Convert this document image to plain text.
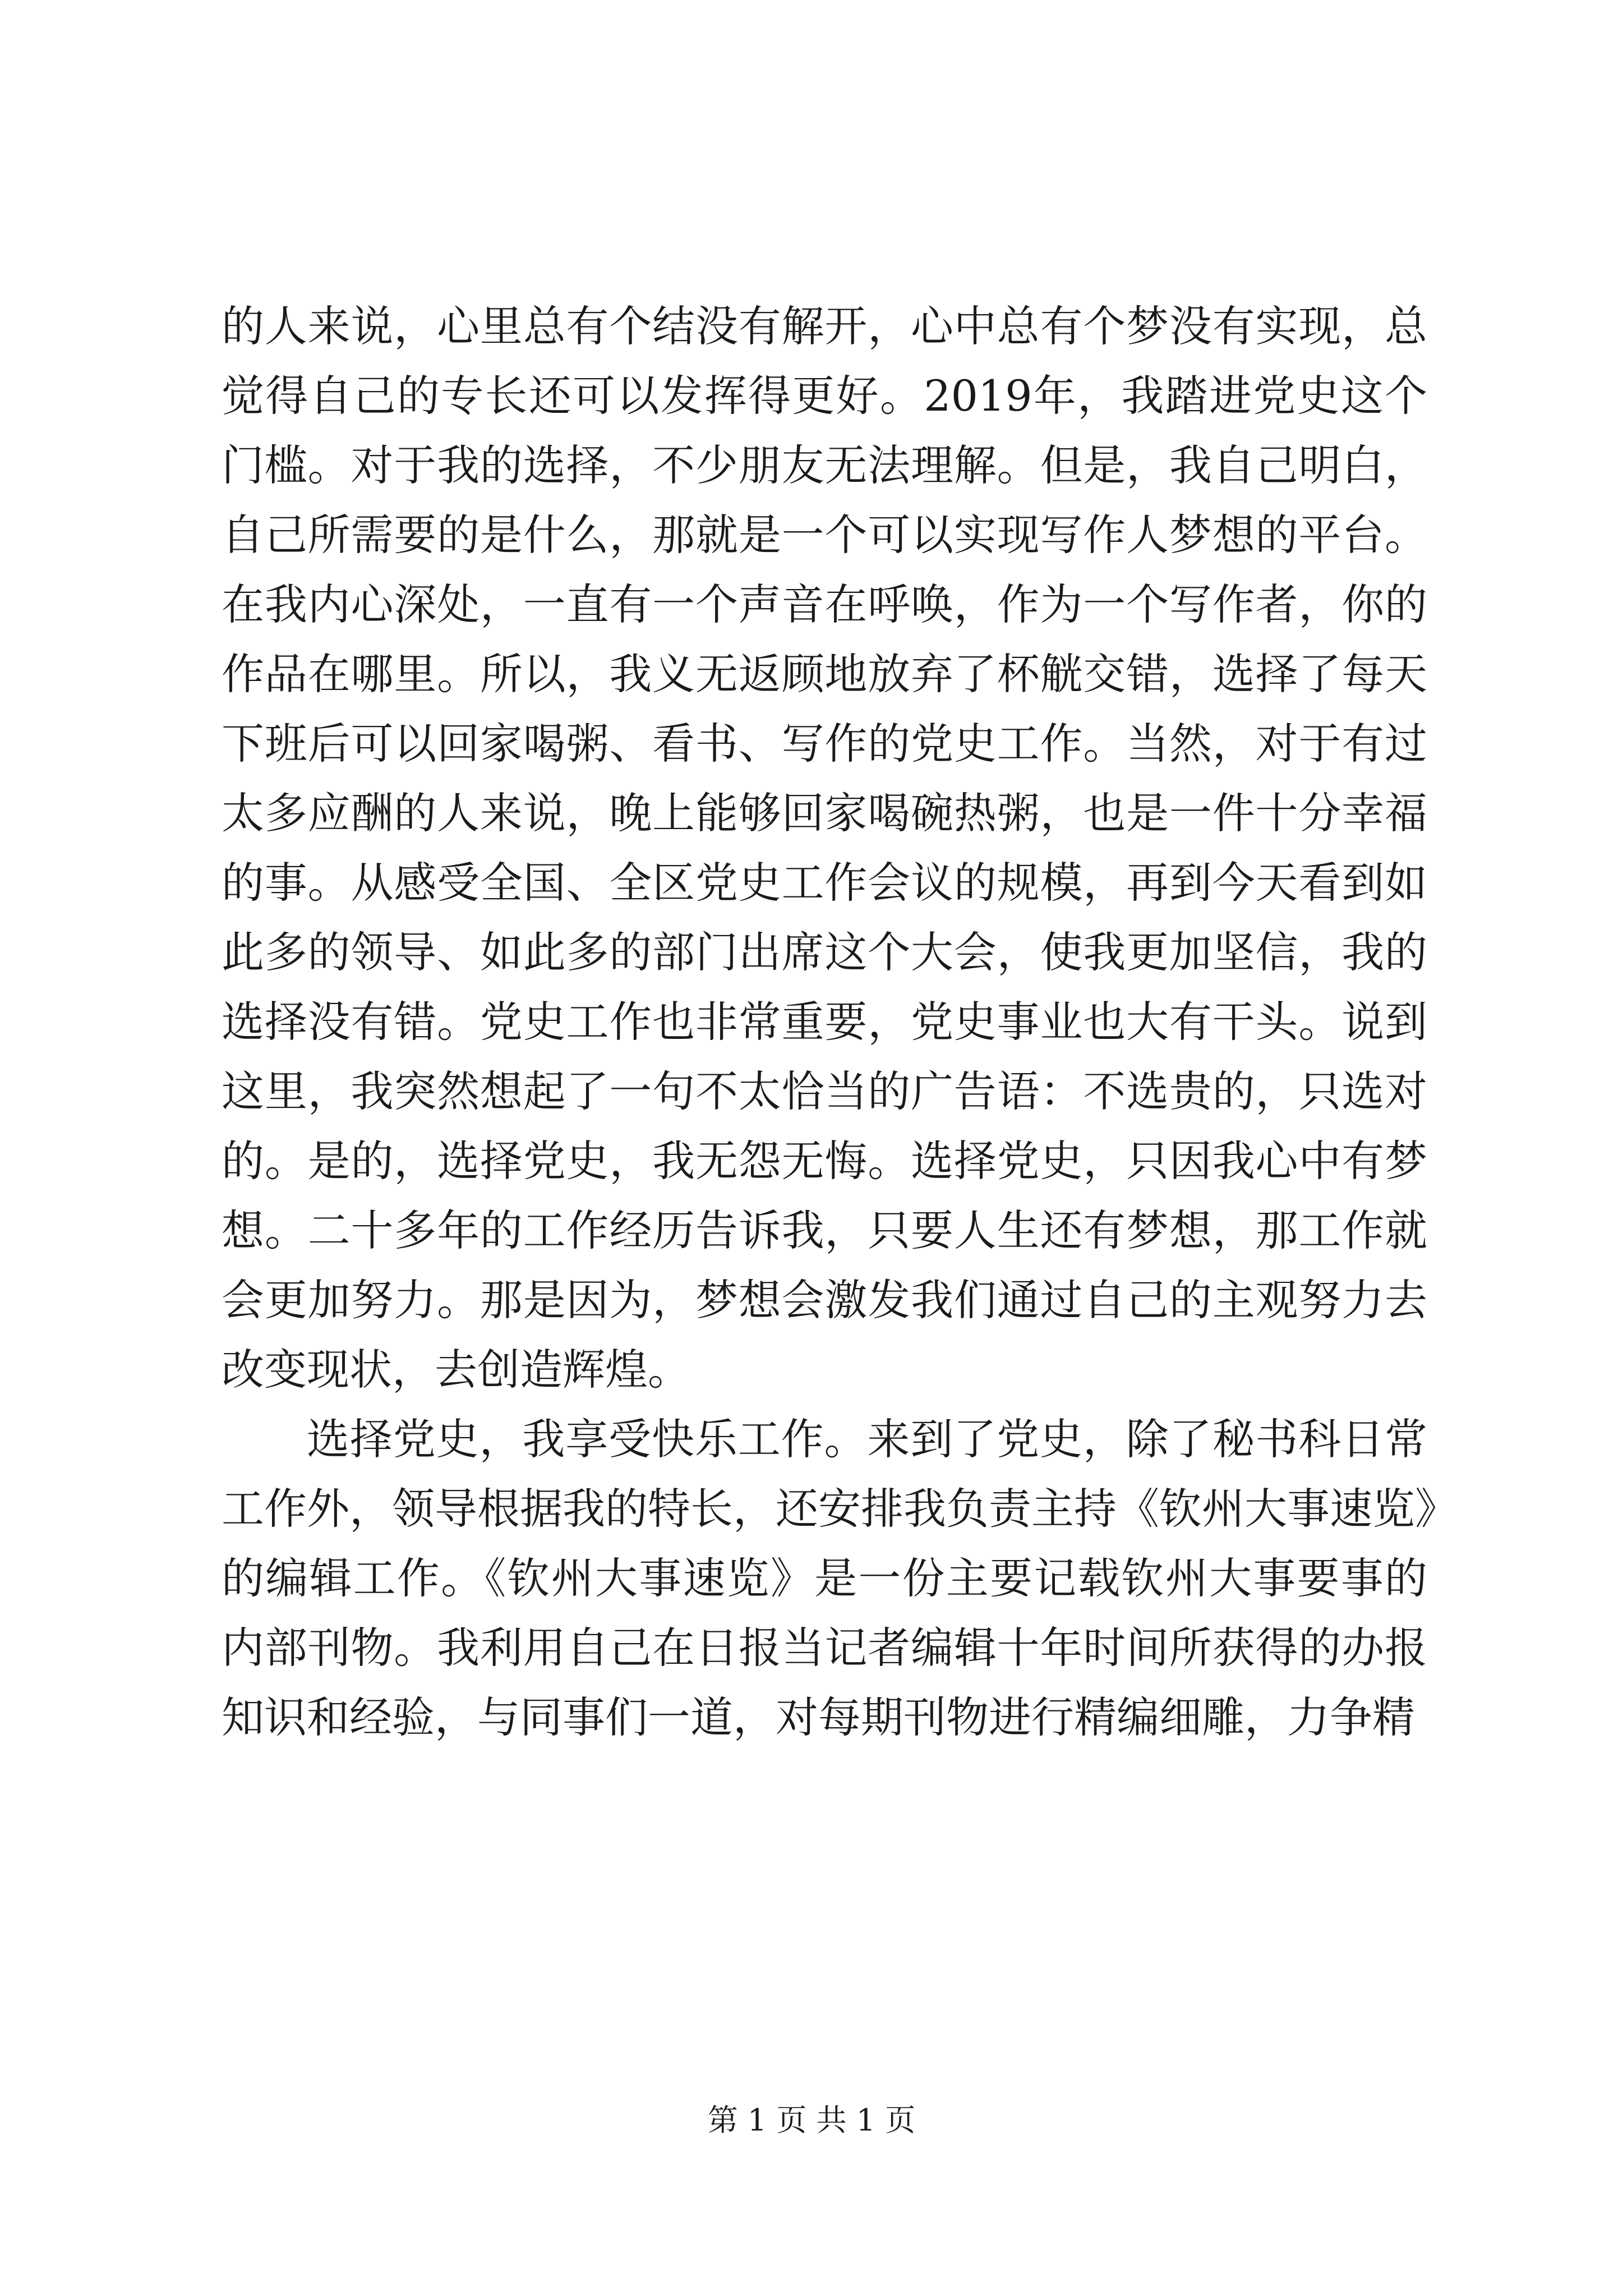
的人来说，心里总有个结没有解开，心中总有个梦没有实现，总
觉得自己的专长还可以发挥得更好。2019年，我踏进党史这个
门槛。对于我的选择，不少朋友无法理解。但是，我自己明白，
自己所需要的是什么，那就是一个可以实现写作人梦想的平台。
在我内心深处，一直有一个声音在呼唤，作为一个写作者，你的
作品在哪里。所以，我义无返顾地放弃了杯觥交错，选择了每天
下班后可以回家喝粥、看书、写作的党史工作。当然，对于有过
太多应酬的人来说，晚上能够回家喝碗热粥，也是一件十分幸福
的事。从感受全国、全区党史工作会议的规模，再到今天看到如
此多的领导、如此多的部门出席这个大会，使我更加坚信，我的
选择没有错。党史工作也非常重要，党史事业也大有干头。说到
这里，我突然想起了一句不太恰当的广告语：不选贵的，只选对
的。是的，选择党史，我无怨无悔。选择党史，只因我心中有梦
想。二十多年的工作经历告诉我，只要人生还有梦想，那工作就
会更加努力。那是因为，梦想会激发我们通过自己的主观努力去
改变现状，去创造辉煌。
选择党史，我享受快乐工作。来到了党史，除了秘书科日常
工作外，领导根据我的特长，还安排我负责主持《钦州大事速览》
的编辑工作。《钦州大事速览》是一份主要记载钦州大事要事的
内部刊物。我利用自己在日报当记者编辑十年时间所获得的办报
知识和经验，与同事们一道，对每期刊物进行精编细雕，力争精
第 1 页 共 1 页
